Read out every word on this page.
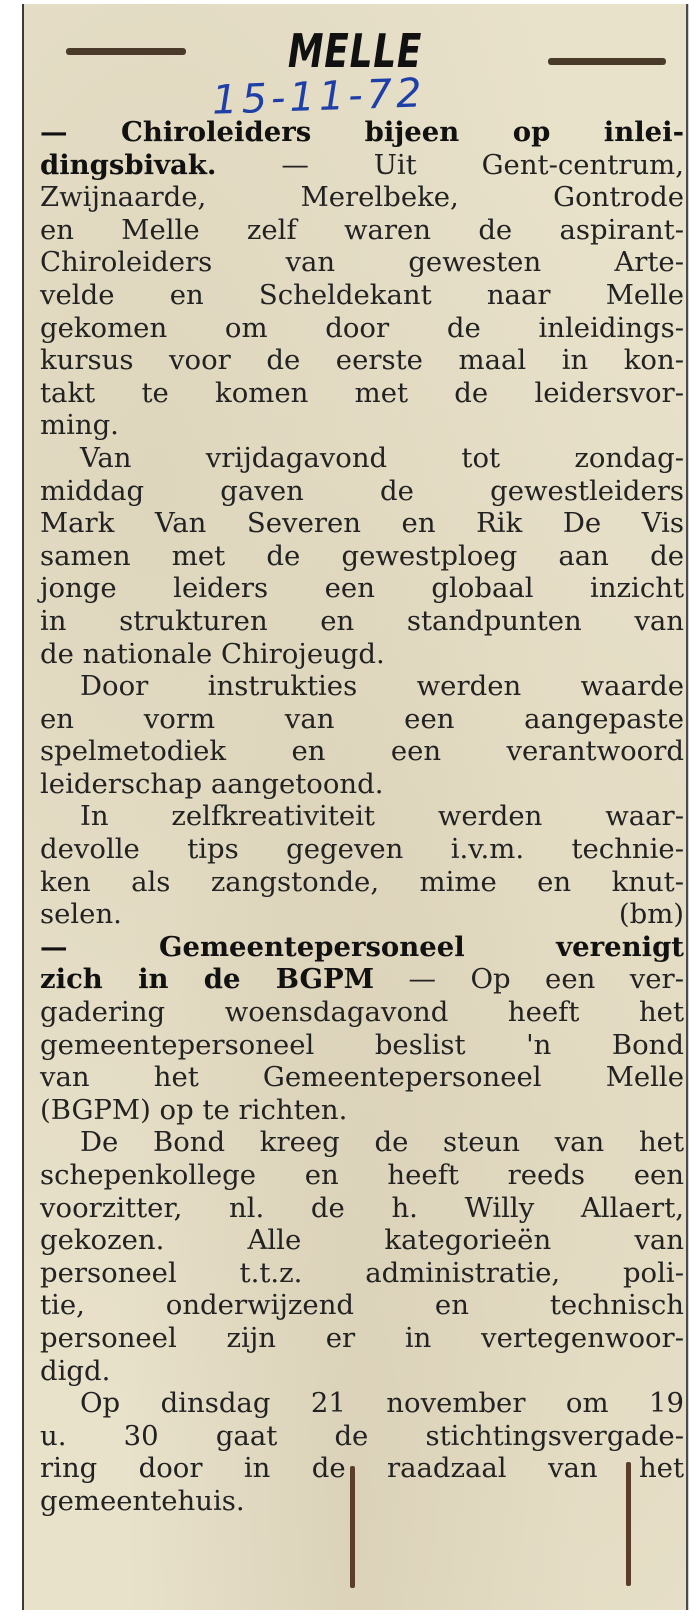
MELLE
15-11-72
— Chiroleiders bijeen op inlei-
dingsbivak. — Uit Gent-centrum,
Zwijnaarde, Merelbeke, Gontrode
en Melle zelf waren de aspirant-
Chiroleiders van gewesten Arte-
velde en Scheldekant naar Melle
gekomen om door de inleidings-
kursus voor de eerste maal in kon-
takt te komen met de leidersvor-
ming.
Van vrijdagavond tot zondag-
middag gaven de gewestleiders
Mark Van Severen en Rik De Vis
samen met de gewestploeg aan de
jonge leiders een globaal inzicht
in strukturen en standpunten van
de nationale Chirojeugd.
Door instrukties werden waarde
en vorm van een aangepaste
spelmetodiek en een verantwoord
leiderschap aangetoond.
In zelfkreativiteit werden waar-
devolle tips gegeven i.v.m. technie-
ken als zangstonde, mime en knut-
selen.	(bm)
— Gemeentepersoneel verenigt
zich in de BGPM — Op een ver-
gadering woensdagavond heeft het
gemeentepersoneel beslist 'n Bond
van het Gemeentepersoneel Melle
(BGPM) op te richten.
De Bond kreeg de steun van het
schepenkollege en heeft reeds een
voorzitter, nl. de h. Willy Allaert,
gekozen. Alle kategorieën van
personeel t.t.z. administratie, poli-
tie, onderwijzend en technisch
personeel zijn er in vertegenwoor-
digd.
Op dinsdag 21 november om 19
u. 30 gaat de stichtingsvergade-
ring door in de raadzaal van het
gemeentehuis.
